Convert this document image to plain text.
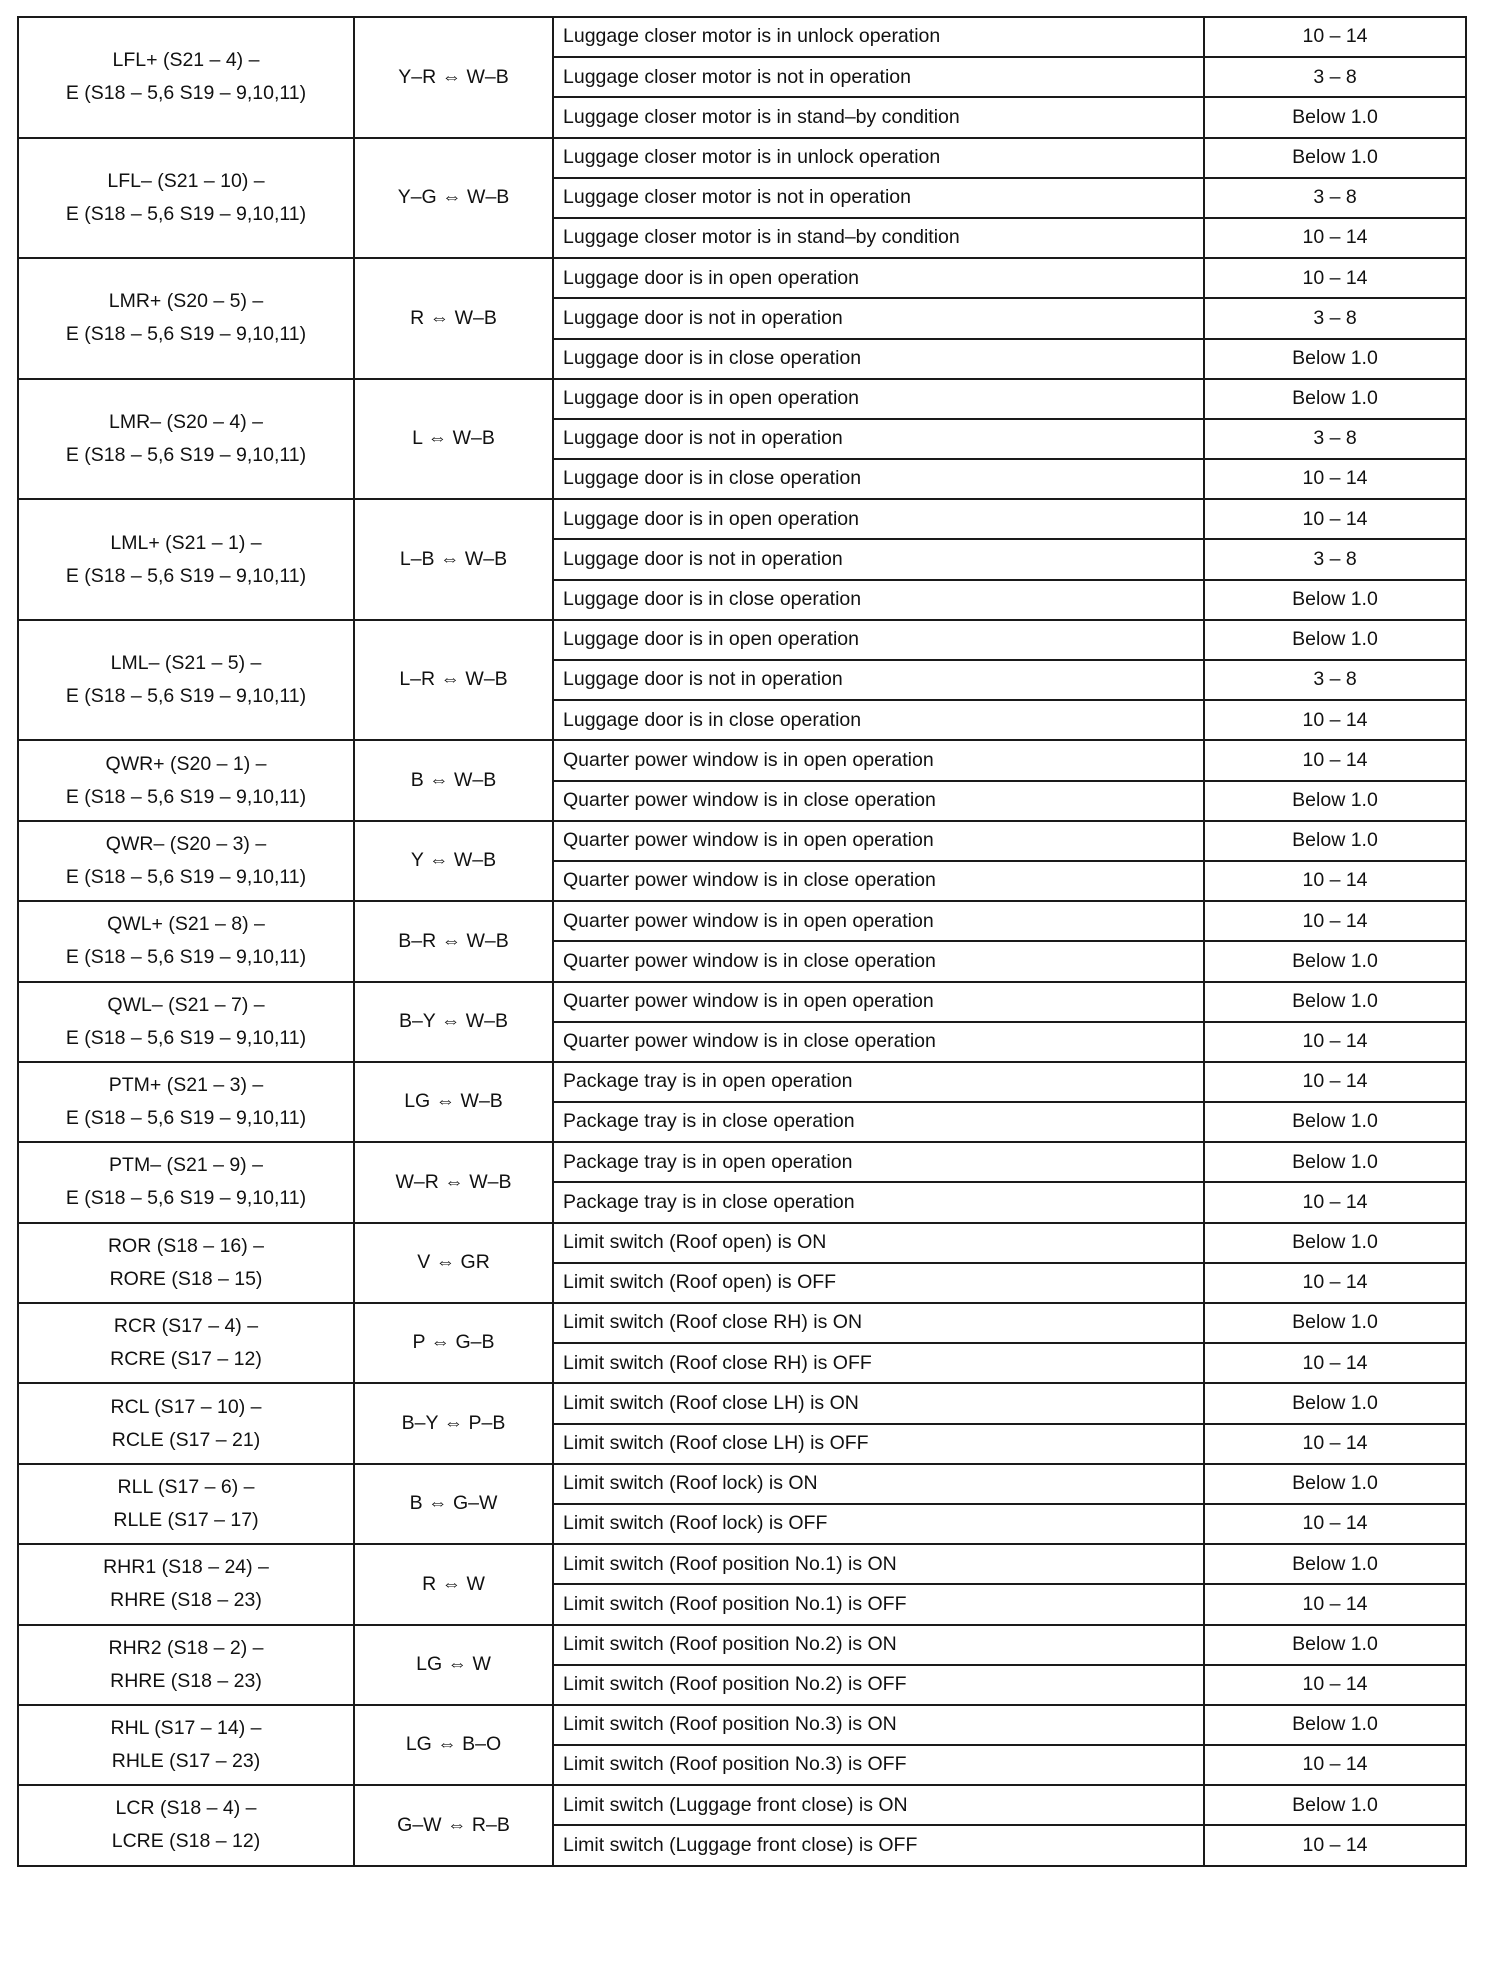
LFL+ (S21 – 4) –
E (S18 – 5,6 S19 – 9,10,11)	Y–R ⇔ W–B	Luggage closer motor is in unlock operation	10 – 14
		Luggage closer motor is not in operation	3 – 8
		Luggage closer motor is in stand–by condition	Below 1.0

LFL– (S21 – 10) –
E (S18 – 5,6 S19 – 9,10,11)	Y–G ⇔ W–B	Luggage closer motor is in unlock operation	Below 1.0
		Luggage closer motor is not in operation	3 – 8
		Luggage closer motor is in stand–by condition	10 – 14

LMR+ (S20 – 5) –
E (S18 – 5,6 S19 – 9,10,11)	R ⇔ W–B	Luggage door is in open operation	10 – 14
		Luggage door is not in operation	3 – 8
		Luggage door is in close operation	Below 1.0

LMR– (S20 – 4) –
E (S18 – 5,6 S19 – 9,10,11)	L ⇔ W–B	Luggage door is in open operation	Below 1.0
		Luggage door is not in operation	3 – 8
		Luggage door is in close operation	10 – 14

LML+ (S21 – 1) –
E (S18 – 5,6 S19 – 9,10,11)	L–B ⇔ W–B	Luggage door is in open operation	10 – 14
		Luggage door is not in operation	3 – 8
		Luggage door is in close operation	Below 1.0

LML– (S21 – 5) –
E (S18 – 5,6 S19 – 9,10,11)	L–R ⇔ W–B	Luggage door is in open operation	Below 1.0
		Luggage door is not in operation	3 – 8
		Luggage door is in close operation	10 – 14

QWR+ (S20 – 1) –
E (S18 – 5,6 S19 – 9,10,11)	B ⇔ W–B	Quarter power window is in open operation	10 – 14
		Quarter power window is in close operation	Below 1.0

QWR– (S20 – 3) –
E (S18 – 5,6 S19 – 9,10,11)	Y ⇔ W–B	Quarter power window is in open operation	Below 1.0
		Quarter power window is in close operation	10 – 14

QWL+ (S21 – 8) –
E (S18 – 5,6 S19 – 9,10,11)	B–R ⇔ W–B	Quarter power window is in open operation	10 – 14
		Quarter power window is in close operation	Below 1.0

QWL– (S21 – 7) –
E (S18 – 5,6 S19 – 9,10,11)	B–Y ⇔ W–B	Quarter power window is in open operation	Below 1.0
		Quarter power window is in close operation	10 – 14

PTM+ (S21 – 3) –
E (S18 – 5,6 S19 – 9,10,11)	LG ⇔ W–B	Package tray is in open operation	10 – 14
		Package tray is in close operation	Below 1.0

PTM– (S21 – 9) –
E (S18 – 5,6 S19 – 9,10,11)	W–R ⇔ W–B	Package tray is in open operation	Below 1.0
		Package tray is in close operation	10 – 14

ROR (S18 – 16) –
RORE (S18 – 15)	V ⇔ GR	Limit switch (Roof open) is ON	Below 1.0
		Limit switch (Roof open) is OFF	10 – 14

RCR (S17 – 4) –
RCRE (S17 – 12)	P ⇔ G–B	Limit switch (Roof close RH) is ON	Below 1.0
		Limit switch (Roof close RH) is OFF	10 – 14

RCL (S17 – 10) –
RCLE (S17 – 21)	B–Y ⇔ P–B	Limit switch (Roof close LH) is ON	Below 1.0
		Limit switch (Roof close LH) is OFF	10 – 14

RLL (S17 – 6) –
RLLE (S17 – 17)	B ⇔ G–W	Limit switch (Roof lock) is ON	Below 1.0
		Limit switch (Roof lock) is OFF	10 – 14

RHR1 (S18 – 24) –
RHRE (S18 – 23)	R ⇔ W	Limit switch (Roof position No.1) is ON	Below 1.0
		Limit switch (Roof position No.1) is OFF	10 – 14

RHR2 (S18 – 2) –
RHRE (S18 – 23)	LG ⇔ W	Limit switch (Roof position No.2) is ON	Below 1.0
		Limit switch (Roof position No.2) is OFF	10 – 14

RHL (S17 – 14) –
RHLE (S17 – 23)	LG ⇔ B–O	Limit switch (Roof position No.3) is ON	Below 1.0
		Limit switch (Roof position No.3) is OFF	10 – 14

LCR (S18 – 4) –
LCRE (S18 – 12)	G–W ⇔ R–B	Limit switch (Luggage front close) is ON	Below 1.0
		Limit switch (Luggage front close) is OFF	10 – 14
